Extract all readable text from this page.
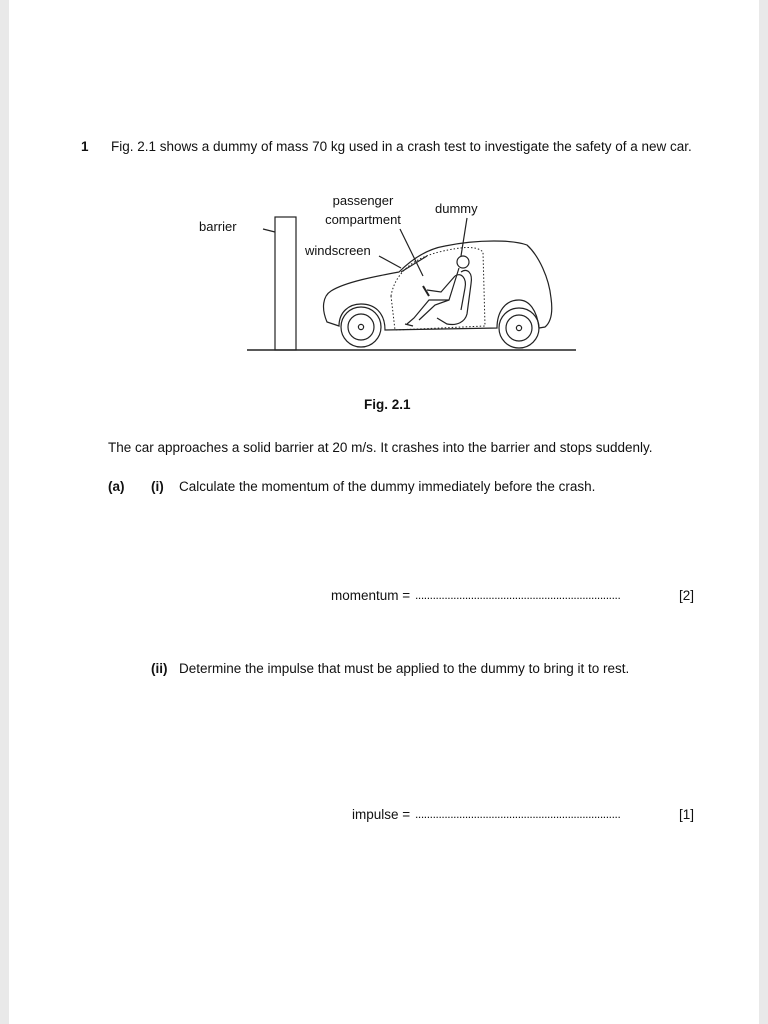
1 Fig. 2.1 shows a dummy of mass 70 kg used in a crash test to investigate the safety of a new car.
barrier
passenger
compartment
dummy
windscreen
Fig. 2.1
The car approaches a solid barrier at 20 m/s. It crashes into the barrier and stops suddenly.
(a) (i) Calculate the momentum of the dummy immediately before the crash.
momentum = ......................................................................	[2]
(ii) Determine the impulse that must be applied to the dummy to bring it to rest.
impulse = ......................................................................	[1]
